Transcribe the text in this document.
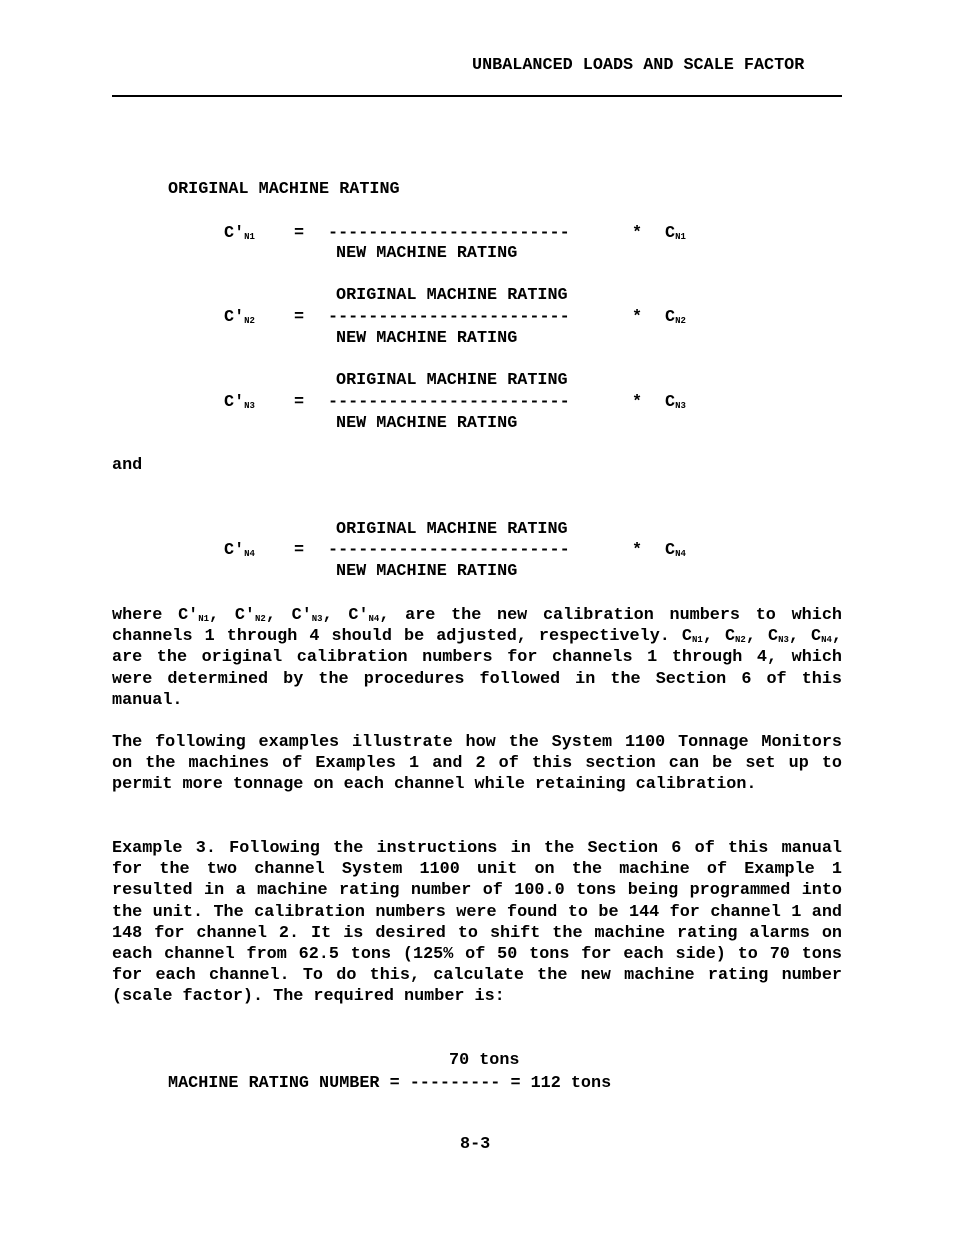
UNBALANCED LOADS AND SCALE FACTOR
ORIGINAL MACHINE RATING
$C'_{N1}$ = ------------------------	* $C_{N1}$
NEW MACHINE RATING
ORIGINAL MACHINE RATING
$C'_{N2}$ = ------------------------	* $C_{N2}$
NEW MACHINE RATING
ORIGINAL MACHINE RATING
$C'_{N3}$ = ------------------------	* $C_{N3}$
NEW MACHINE RATING
and
ORIGINAL MACHINE RATING
$C'_{N4}$ = ------------------------	* $C_{N4}$
NEW MACHINE RATING
where $C'_{N1}$, $C'_{N2}$, $C'_{N3}$, $C'_{N4}$, are the new calibration numbers to which channels 1 through 4 should be adjusted, respectively. $C_{N1}$, $C_{N2}$, $C_{N3}$, $C_{N4}$, are the original calibration numbers for channels 1 through 4, which were determined by the procedures followed in the Section 6 of this manual.
The following examples illustrate how the System 1100 Tonnage Monitors on the machines of Examples 1 and 2 of this section can be set up to permit more tonnage on each channel while retaining calibration.
Example 3. Following the instructions in the Section 6 of this manual for the two channel System 1100 unit on the machine of Example 1 resulted in a machine rating number of 100.0 tons being programmed into the unit. The calibration numbers were found to be 144 for channel 1 and 148 for channel 2. It is desired to shift the machine rating alarms on each channel from 62.5 tons (125% of 50 tons for each side) to 70 tons for each channel. To do this, calculate the new machine rating number (scale factor). The required number is:
70 tons
MACHINE RATING NUMBER = --------- = 112 tons
8-3
